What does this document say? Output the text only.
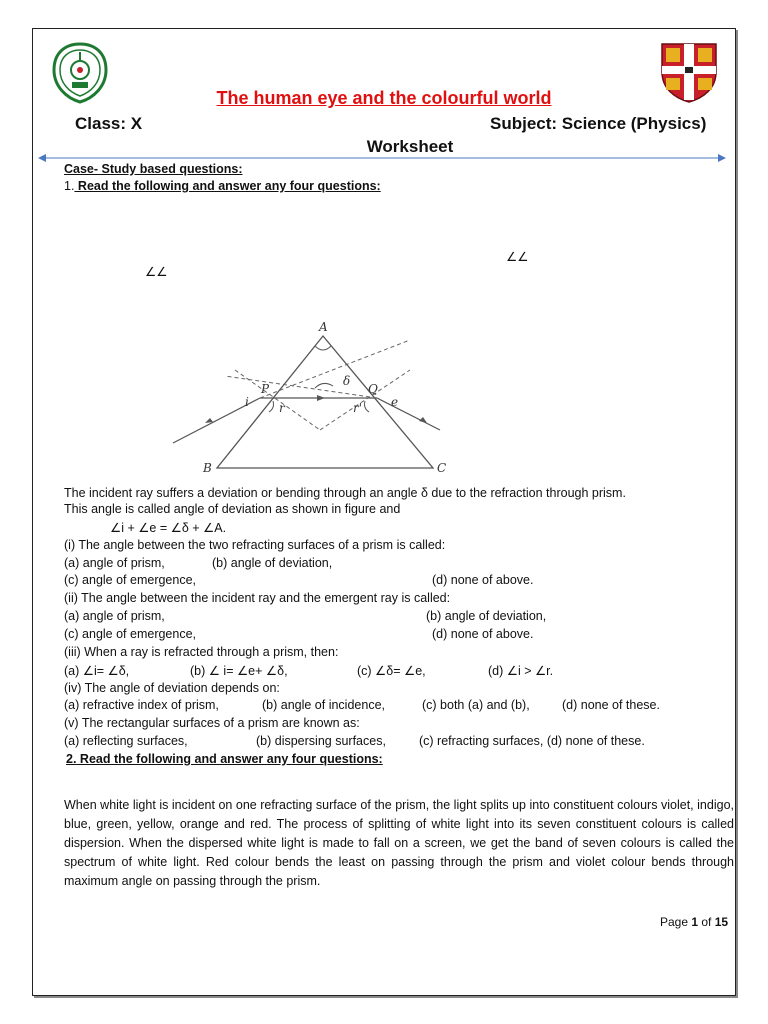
The human eye and the colourful world
Class: X	Subject: Science (Physics)
Worksheet
Case- Study based questions:
1. Read the following and answer any four questions:
∠∠
∠∠
A
B	C
P	Q
i	r	r' e
δ
The incident ray suffers a deviation or bending through an angle δ due to the refraction through prism.
This angle is called angle of deviation as shown in figure and
∠i + ∠e = ∠δ + ∠A.
(i) The angle between the two refracting surfaces of a prism is called:
(a) angle of prism,	(b) angle of deviation,
(c) angle of emergence,	(d) none of above.
(ii) The angle between the incident ray and the emergent ray is called:
(a) angle of prism,	(b) angle of deviation,
(c) angle of emergence,	(d) none of above.
(iii) When a ray is refracted through a prism, then:
(a) ∠i= ∠δ,	(b) ∠ i= ∠e+ ∠δ,	(c) ∠δ= ∠e,	(d) ∠i > ∠r.
(iv) The angle of deviation depends on:
(a) refractive index of prism,	(b) angle of incidence,	(c) both (a) and (b),	(d) none of these.
(v) The rectangular surfaces of a prism are known as:
(a) reflecting surfaces,	(b) dispersing surfaces,	(c) refracting surfaces, (d) none of these.
2. Read the following and answer any four questions:
When white light is incident on one refracting surface of the prism, the light splits up into constituent colours violet, indigo, blue, green, yellow, orange and red. The process of splitting of white light into its seven constituent colours is called dispersion. When the dispersed white light is made to fall on a screen, we get the band of seven colours is called the spectrum of white light. Red colour bends the least on passing through the prism and violet colour bends through maximum angle on passing through the prism.
Page 1 of 15
